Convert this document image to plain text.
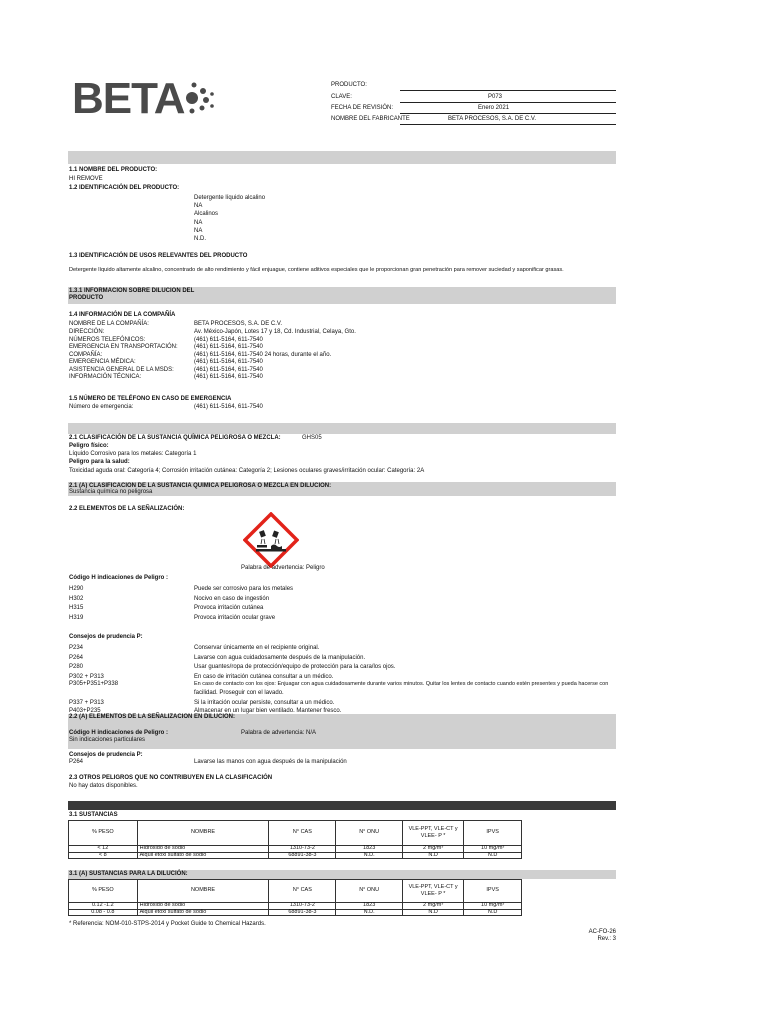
BETA	PRODUCTO:
CLAVE:	P073
FECHA DE REVISIÓN:	Enero 2021
NOMBRE DEL FABRICANTE	BETA PROCESOS, S.A. DE C.V.
1.1 NOMBRE DEL PRODUCTO:
HI REMOVE
1.2 IDENTIFICACIÓN DEL PRODUCTO:
Detergente líquido alcalino
NA
Alcalinos
NA
NA
N.D.
1.3 IDENTIFICACIÓN DE USOS RELEVANTES DEL PRODUCTO
Detergente líquido altamente alcalino, concentrado de alto rendimiento y fácil enjuague, contiene aditivos especiales que le proporcionan gran penetración para remover suciedad y saponificar grasas.
1.3.1 INFORMACION SOBRE DILUCION DEL
PRODUCTO
1.4 INFORMACIÓN DE LA COMPAÑÍA
NOMBRE DE LA COMPAÑÍA:	BETA PROCESOS, S.A. DE C.V.
DIRECCIÓN:	Av. México-Japón, Lotes 17 y 18, Cd. Industrial, Celaya, Gto.
NÚMEROS TELEFÓNICOS:	(461) 611-5164, 611-7540
EMERGENCIA EN TRANSPORTACIÓN:	(461) 611-5164, 611-7540
COMPAÑÍA:	(461) 611-5164, 611-7540 24 horas, durante el año.
EMERGENCIA MÉDICA:	(461) 611-5164, 611-7540
ASISTENCIA GENERAL DE LA MSDS:	(461) 611-5164, 611-7540
INFORMACIÓN TÉCNICA:	(461) 611-5164, 611-7540
1.5 NÚMERO DE TELÉFONO EN CASO DE EMERGENCIA
Número de emergencia:	(461) 611-5164, 611-7540
2.1 CLASIFICACIÓN DE LA SUSTANCIA QUÍMICA PELIGROSA O MEZCLA:	GHS05
Peligro físico:
Líquido Corrosivo para los metales: Categoría 1
Peligro para la salud:
Toxicidad aguda oral: Categoría 4; Corrosión irritación cutánea: Categoría 2; Lesiones oculares graves/irritación ocular: Categoría: 2A
2.1 (A) CLASIFICACION DE LA SUSTANCIA QUIMICA PELIGROSA O MEZCLA EN DILUCION:
Sustancia química no peligrosa
2.2 ELEMENTOS DE LA SEÑALIZACIÓN:
Palabra de advertencia: Peligro
Código H indicaciones de Peligro :
H290	Puede ser corrosivo para los metales
H302	Nocivo en caso de ingestión
H315	Provoca irritación cutánea
H319	Provoca irritación ocular grave
Consejos de prudencia P:
P234	Conservar únicamente en el recipiente original.
P264	Lavarse con agua cuidadosamente después de la manipulación.
P280	Usar guantes/ropa de protección/equipo de protección para la cara/los ojos.
P302 + P313	En caso de irritación cutánea consultar a un médico.
P305+P351+P338	En caso de contacto con los ojos: Enjuagar con agua cuidadosamente durante varios minutos. Quitar los lentes de contacto cuando estén presentes y pueda hacerse con
facilidad. Proseguir con el lavado.
P337 + P313	Si la irritación ocular persiste, consultar a un médico.
P403+P235	Almacenar en un lugar bien ventilado. Mantener fresco.
2.2 (A) ELEMENTOS DE LA SEÑALIZACION EN DILUCION:
Código H indicaciones de Peligro :	Palabra de advertencia: N/A
Sin indicaciones particulares
Consejos de prudencia P:
P264	Lavarse las manos con agua después de la manipulación
2.3 OTROS PELIGROS QUE NO CONTRIBUYEN EN LA CLASIFICACIÓN
No hay datos disponibles.
3.1 SUSTANCIAS
% PESO	NOMBRE	N° CAS	N° ONU	VLE-PPT, VLE-CT y VLEE- P *	IPVS
< 12	Hidróxido de sodio	1310-73-2	1823	2 mg/m³	10 mg/m³
< 8	Alquil etoxi sulfato de sodio	68891-38-3	N.D.	N.D	N.D
3.1 (A) SUSTANCIAS PARA LA DILUCIÓN:
% PESO	NOMBRE	N° CAS	N° ONU	VLE-PPT, VLE-CT y VLEE- P *	IPVS
0.12 -1.2	Hidróxido de sodio	1310-73-2	1823	2 mg/m³	10 mg/m³
0.08 - 0.8	Alquil etoxi sulfato de sodio	68891-38-3	N.D.	N.D	N.D
* Referencia: NOM-010-STPS-2014 y Pocket Guide to Chemical Hazards.
AC-FO-26
Rev.: 3
